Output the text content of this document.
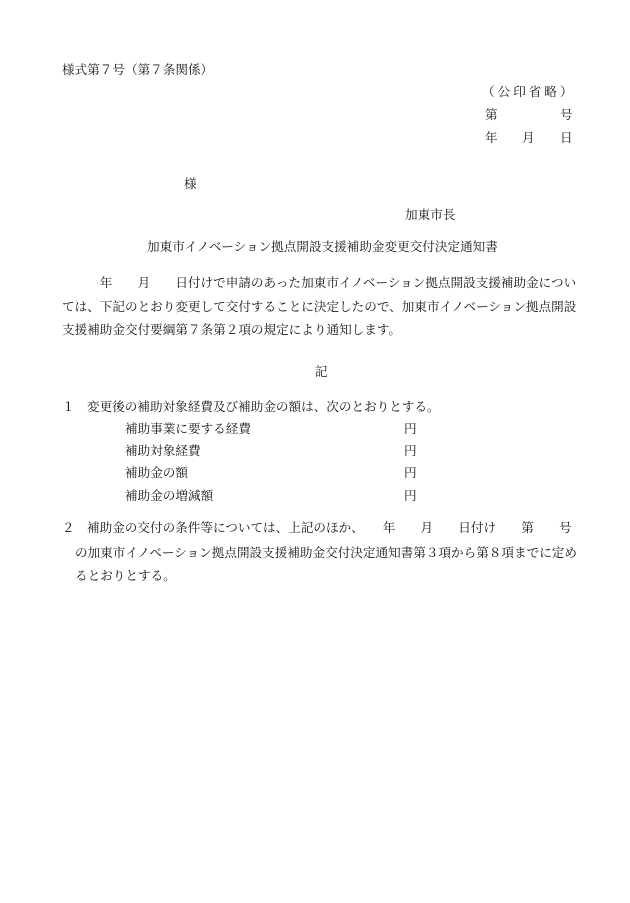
様式第７号（第７条関係）
（公印省略）
第	号
年 月 日
様
加東市長
加東市イノベーション拠点開設支援補助金変更交付決定通知書
　　　年　　月　　日付けで申請のあった加東市イノベーション拠点開設支援補助金につい
ては、下記のとおり変更して交付することに決定したので、加東市イノベーション拠点開設
支援補助金交付要綱第７条第２項の規定により通知します。
記
１ 変更後の補助対象経費及び補助金の額は、次のとおりとする。
補助事業に要する経費	円
補助対象経費	円
補助金の額	円
補助金の増減額	円
２ 補助金の交付の条件等については、上記のほか、　　年　　月　　日付け　　第　　号
の加東市イノベーション拠点開設支援補助金交付決定通知書第３項から第８項までに定め
るとおりとする。
